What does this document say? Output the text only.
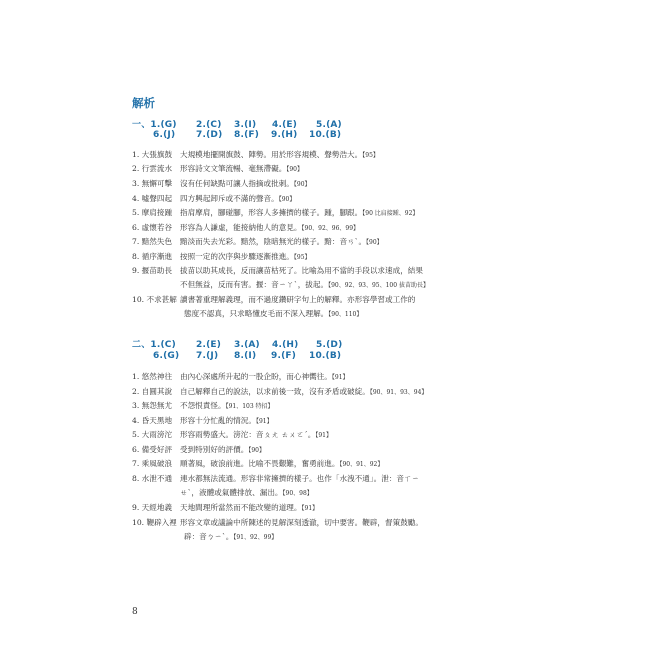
解析
一、1.(G) 2.(C) 3.(I) 4.(E) 5.(A)
6.(J) 7.(D) 8.(F) 9.(H) 10.(B)
1. 大張旗鼓 大規模地擺開旗鼓、陣勢。用於形容規模、聲勢浩大。【95】
2. 行雲流水 形容詩文文筆流暢、毫無滯礙。【90】
3. 無懈可擊 沒有任何缺點可讓人指摘或批刺。【90】
4. 噓聲四起 四方興起卸斥或不滿的聲音。【90】
5. 摩肩接踵 指肩摩肩，腳碰腳，形容人多擁擠的樣子。踵，腳跟。【90 比肩接踵、92】
6. 虛懷若谷 形容為人謙虛，能接納他人的意見。【90、92、96、99】
7. 黯然失色 黯淡而失去光彩。黯然，陰暗無光的樣子。黯：音ㄢˋ。【90】
8. 循序漸進 按照一定的次序與步驟逐漸推進。【95】
9. 揠苗助長 拔苗以助其成長，反而讓苗枯死了。比喻為用不當的手段以求速成，結果
不但無益，反而有害。揠：音ㄧㄚˋ，拔起。【90、92、93、95、100 拔苗助長】
10. 不求甚解 讀書著重理解義理，而不過度鑽研字句上的解釋。亦形容學習或工作的
態度不認真，只求略懂皮毛而不深入理解。【90、110】
二、1.(C) 2.(E) 3.(A) 4.(H) 5.(D)
6.(G) 7.(J) 8.(I) 9.(F) 10.(B)
1. 悠然神往 由內心深處所升起的一股企盼，而心神嚮往。【91】
2. 自圓其說 自己解釋自己的說法，以求前後一致，沒有矛盾或破綻。【90、91、93、94】
3. 無怨無尤 不怨恨責怪。【91、103 特招】
4. 昏天黑地 形容十分忙亂的情況。【91】
5. 大雨滂沱 形容雨勢盛大。滂沱：音ㄆㄤ ㄊㄨㄛˊ。【91】
6. 備受好評 受到特別好的評價。【90】
7. 乘風破浪 順著風，破浪前進。比喻不畏艱難，奮勇前進。【90、91、92】
8. 水泄不通 連水都無法流通。形容非常擁擠的樣子。也作「水洩不通」。泄：音ㄒㄧ
ㄝˋ，液體或氣體排放、漏出。【90、98】
9. 天經地義 天地間理所當然而不能改變的道理。【91】
10. 鞭辟入裡 形容文章或議論中所陳述的見解深刻透澈，切中要害。鞭辟，督策鼓勵。
辟：音ㄅㄧˋ。【91、92、99】
8
